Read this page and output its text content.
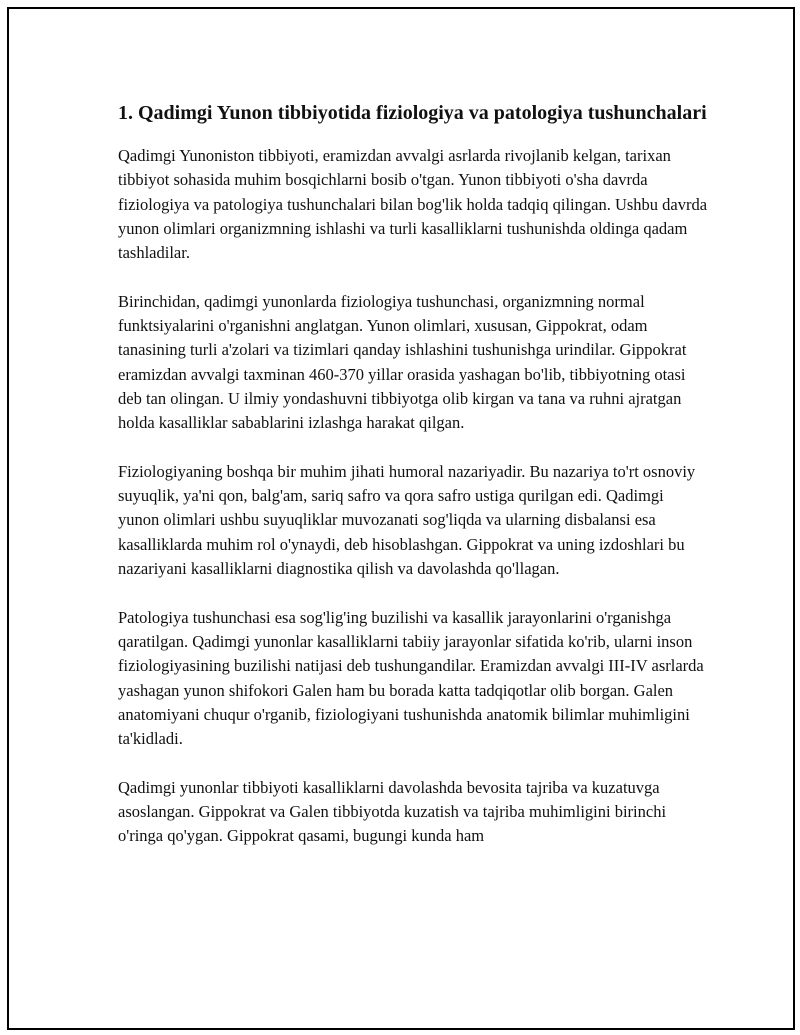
1. Qadimgi Yunon tibbiyotida fiziologiya va patologiya tushunchalari

Qadimgi Yunoniston tibbiyoti, eramizdan avvalgi asrlarda rivojlanib kelgan, tarixan tibbiyot sohasida muhim bosqichlarni bosib o'tgan. Yunon tibbiyoti o'sha davrda fiziologiya va patologiya tushunchalari bilan bog'lik holda tadqiq qilingan. Ushbu davrda yunon olimlari organizmning ishlashi va turli kasalliklarni tushunishda oldinga qadam tashladilar.

Birinchidan, qadimgi yunonlarda fiziologiya tushunchasi, organizmning normal funktsiyalarini o'rganishni anglatgan. Yunon olimlari, xususan, Gippokrat, odam tanasining turli a'zolari va tizimlari qanday ishlashini tushunishga urindilar. Gippokrat eramizdan avvalgi taxminan 460-370 yillar orasida yashagan bo'lib, tibbiyotning otasi deb tan olingan. U ilmiy yondashuvni tibbiyotga olib kirgan va tana va ruhni ajratgan holda kasalliklar sabablarini izlashga harakat qilgan.

Fiziologiyaning boshqa bir muhim jihati humoral nazariyadir. Bu nazariya to'rt osnoviy suyuqlik, ya'ni qon, balg'am, sariq safro va qora safro ustiga qurilgan edi. Qadimgi yunon olimlari ushbu suyuqliklar muvozanati sog'liqda va ularning disbalansi esa kasalliklarda muhim rol o'ynaydi, deb hisoblashgan. Gippokrat va uning izdoshlari bu nazariyani kasalliklarni diagnostika qilish va davolashda qo'llagan.

Patologiya tushunchasi esa sog'lig'ing buzilishi va kasallik jarayonlarini o'rganishga qaratilgan. Qadimgi yunonlar kasalliklarni tabiiy jarayonlar sifatida ko'rib, ularni inson fiziologiyasining buzilishi natijasi deb tushungandilar. Eramizdan avvalgi III-IV asrlarda yashagan yunon shifokori Galen ham bu borada katta tadqiqotlar olib borgan. Galen anatomiyani chuqur o'rganib, fiziologiyani tushunishda anatomik bilimlar muhimligini ta'kidladi.

Qadimgi yunonlar tibbiyoti kasalliklarni davolashda bevosita tajriba va kuzatuvga asoslangan. Gippokrat va Galen tibbiyotda kuzatish va tajriba muhimligini birinchi o'ringa qo'ygan. Gippokrat qasami, bugungi kunda ham
